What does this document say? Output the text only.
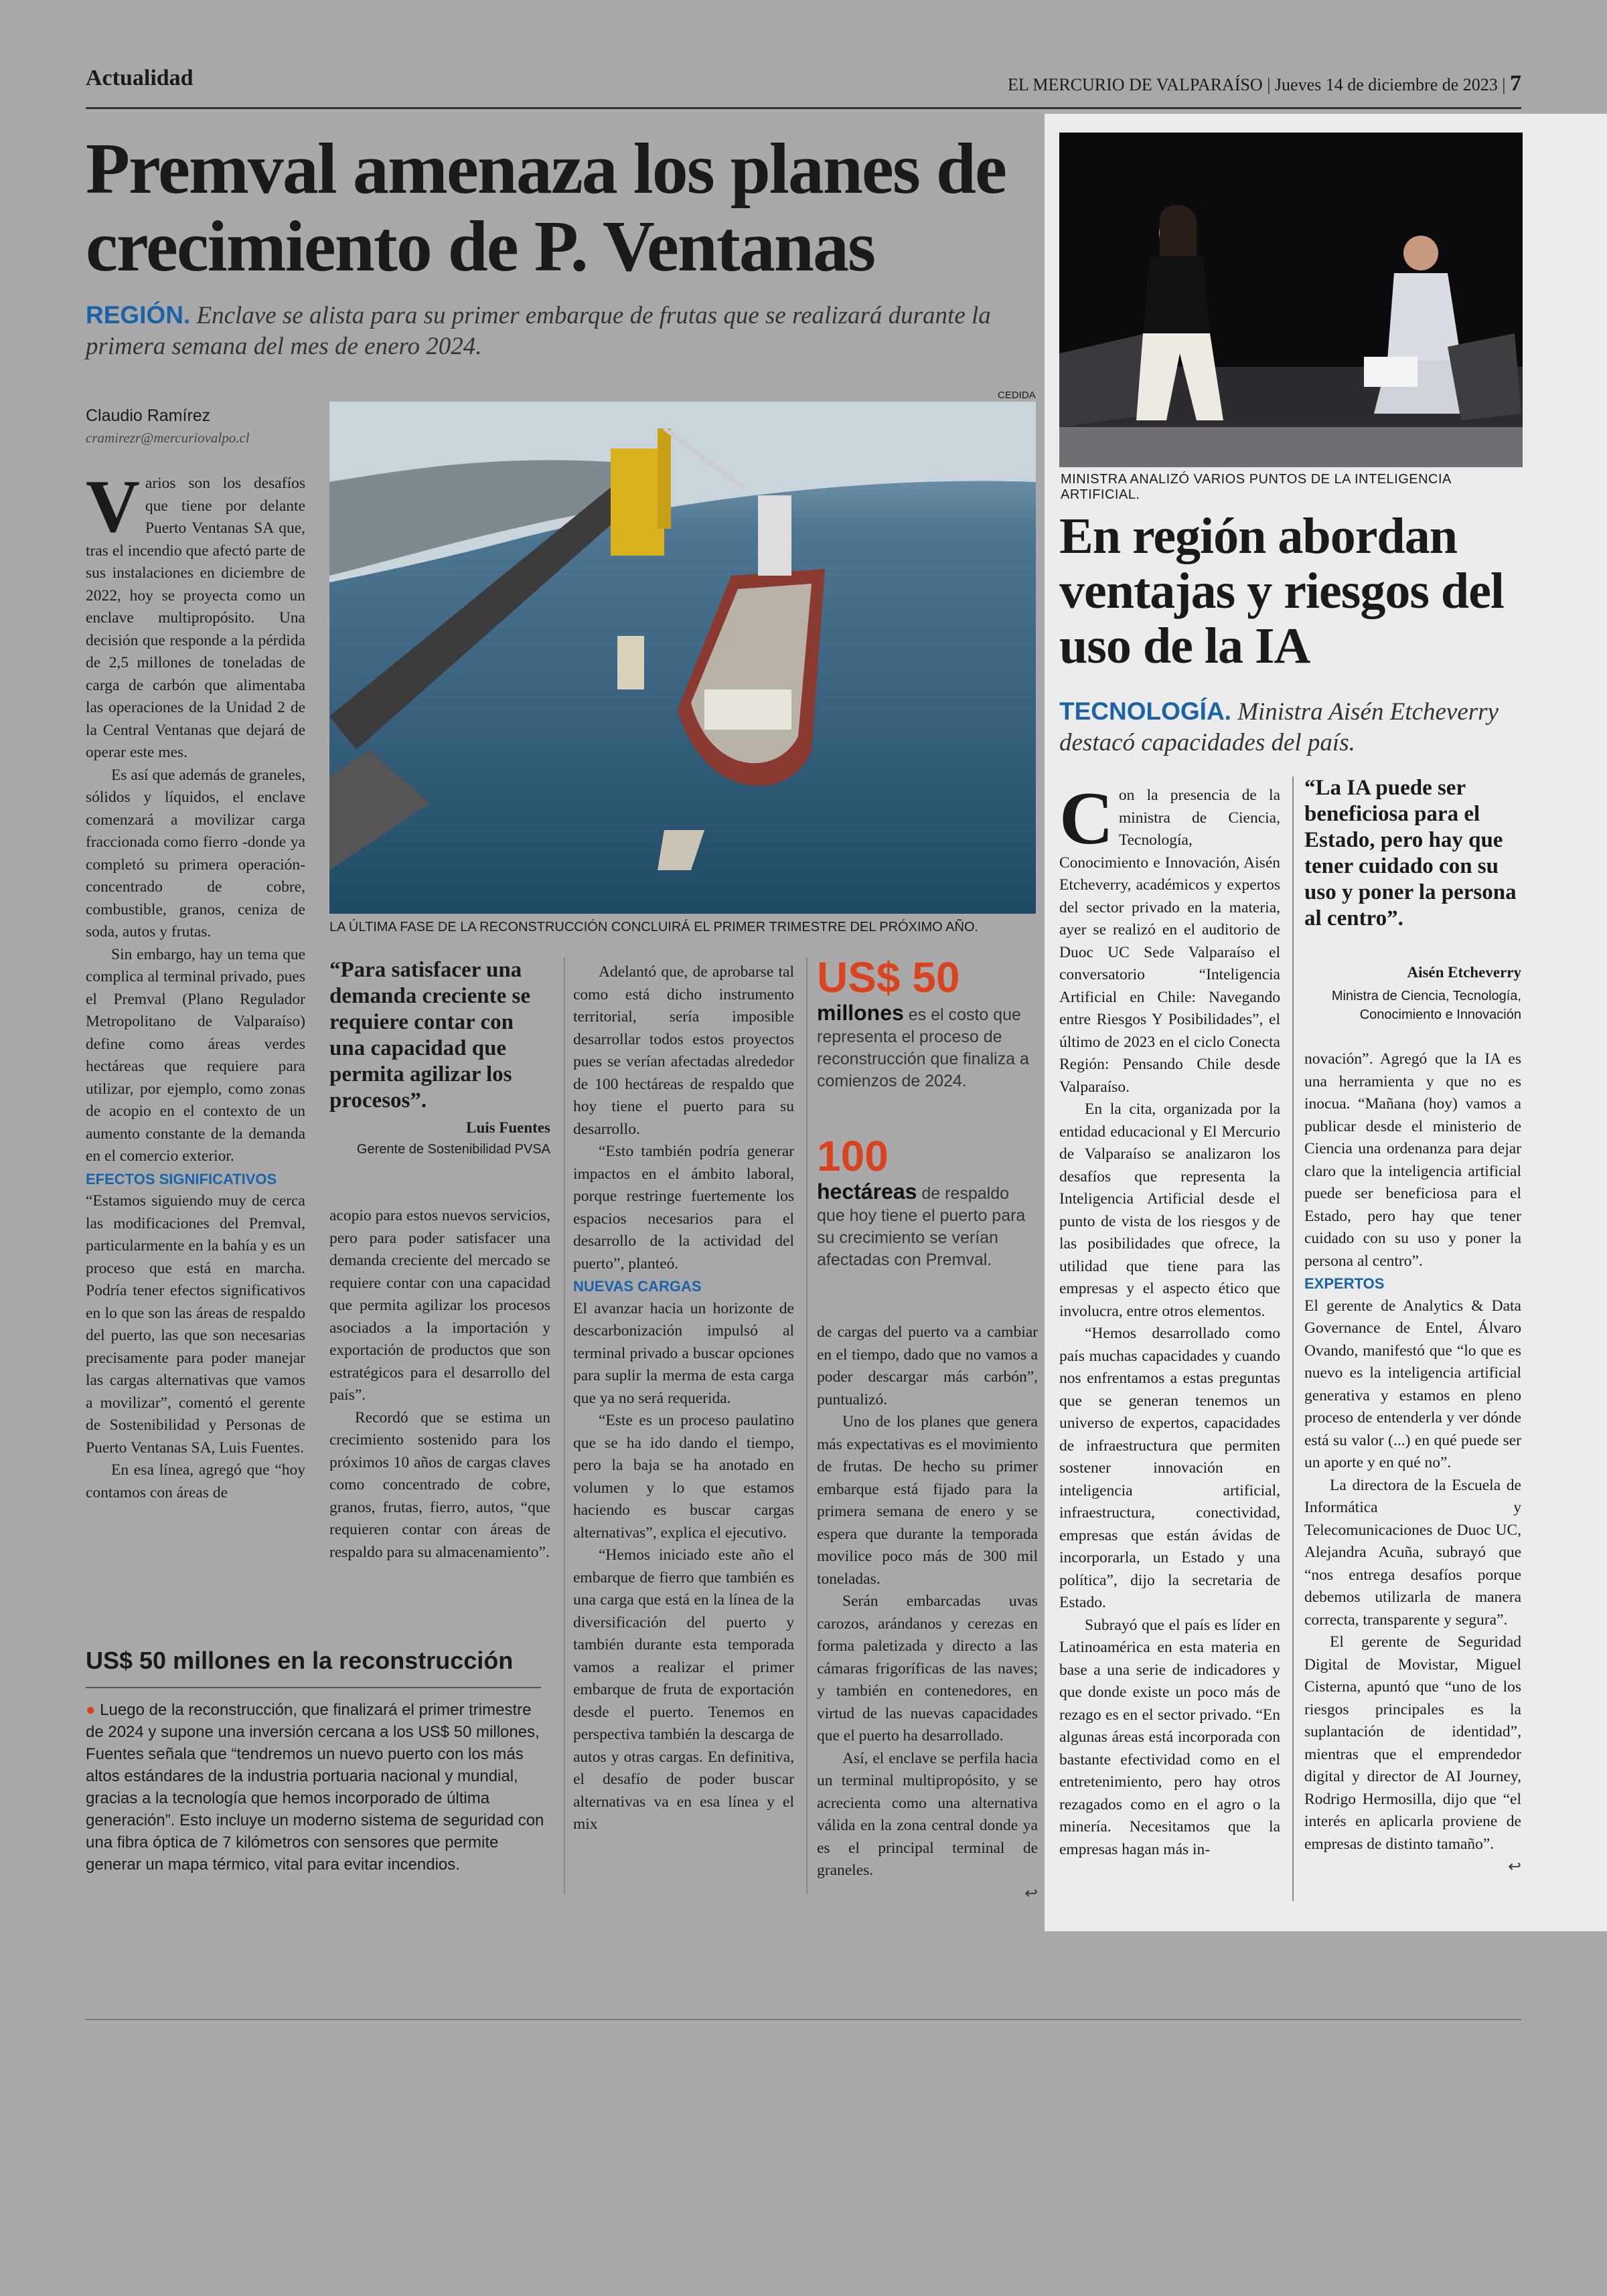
Actualidad	EL MERCURIO DE VALPARAÍSO | Jueves 14 de diciembre de 2023 | 7
Premval amenaza los planes de crecimiento de P. Ventanas
REGIÓN. Enclave se alista para su primer embarque de frutas que se realizará durante la primera semana del mes de enero 2024.
Claudio Ramírez
cramirezr@mercuriovalpo.cl
CEDIDA
LA ÚLTIMA FASE DE LA RECONSTRUCCIÓN CONCLUIRÁ EL PRIMER TRIMESTRE DEL PRÓXIMO AÑO.

Varios son los desafíos que tiene por delante Puerto Ventanas SA que, tras el incendio que afectó parte de sus instalaciones en diciembre de 2022, hoy se proyecta como un enclave multipropósito. Una decisión que responde a la pérdida de 2,5 millones de toneladas de carga de carbón que alimentaba las operaciones de la Unidad 2 de la Central Ventanas que dejará de operar este mes.

Es así que además de graneles, sólidos y líquidos, el enclave comenzará a movilizar carga fraccionada como fierro -donde ya completó su primera operación- concentrado de cobre, combustible, granos, ceniza de soda, autos y frutas.

Sin embargo, hay un tema que complica al terminal privado, pues el Premval (Plano Regulador Metropolitano de Valparaíso) define como áreas verdes hectáreas que requiere para utilizar, por ejemplo, como zonas de acopio en el contexto de un aumento constante de la demanda en el comercio exterior.

EFECTOS SIGNIFICATIVOS

“Estamos siguiendo muy de cerca las modificaciones del Premval, particularmente en la bahía y es un proceso que está en marcha. Podría tener efectos significativos en lo que son las áreas de respaldo del puerto, las que son necesarias precisamente para poder manejar las cargas alternativas que vamos a movilizar”, comentó el gerente de Sostenibilidad y Personas de Puerto Ventanas SA, Luis Fuentes.

En esa línea, agregó que “hoy contamos con áreas de

“Para satisfacer una demanda creciente se requiere contar con una capacidad que permita agilizar los procesos”.
Luis Fuentes
Gerente de Sostenibilidad PVSA

acopio para estos nuevos servicios, pero para poder satisfacer una demanda creciente del mercado se requiere contar con una capacidad que permita agilizar los procesos asociados a la importación y exportación de productos que son estratégicos para el desarrollo del país”.

Recordó que se estima un crecimiento sostenido para los próximos 10 años de cargas claves como concentrado de cobre, granos, frutas, fierro, autos, “que requieren contar con áreas de respaldo para su almacenamiento”.

Adelantó que, de aprobarse tal como está dicho instrumento territorial, sería imposible desarrollar todos estos proyectos pues se verían afectadas alrededor de 100 hectáreas de respaldo que hoy tiene el puerto para su desarrollo.

“Esto también podría generar impactos en el ámbito laboral, porque restringe fuertemente los espacios necesarios para el desarrollo de la actividad del puerto”, planteó.

NUEVAS CARGAS

El avanzar hacia un horizonte de descarbonización impulsó al terminal privado a buscar opciones para suplir la merma de esta carga que ya no será requerida.

“Este es un proceso paulatino que se ha ido dando el tiempo, pero la baja se ha anotado en volumen y lo que estamos haciendo es buscar cargas alternativas”, explica el ejecutivo.

“Hemos iniciado este año el embarque de fierro que también es una carga que está en la línea de la diversificación del puerto y también durante esta temporada vamos a realizar el primer embarque de fruta de exportación desde el puerto. Tenemos en perspectiva también la descarga de autos y otras cargas. En definitiva, el desafío de poder buscar alternativas va en esa línea y el mix

US$ 50
millones es el costo que representa el proceso de reconstrucción que finaliza a comienzos de 2024.
100
hectáreas de respaldo que hoy tiene el puerto para su crecimiento se verían afectadas con Premval.

de cargas del puerto va a cambiar en el tiempo, dado que no vamos a poder descargar más carbón”, puntualizó.

Uno de los planes que genera más expectativas es el movimiento de frutas. De hecho su primer embarque está fijado para la primera semana de enero y se espera que durante la temporada movilice poco más de 300 mil toneladas.

Serán embarcadas uvas carozos, arándanos y cerezas en forma paletizada y directo a las cámaras frigoríficas de las naves; y también en contenedores, en virtud de las nuevas capacidades que el puerto ha desarrollado.

Así, el enclave se perfila hacia un terminal multipropósito, y se acrecienta como una alternativa válida en la zona central donde ya es el principal terminal de graneles.

↩

US$ 50 millones en la reconstrucción
● Luego de la reconstrucción, que finalizará el primer trimestre de 2024 y supone una inversión cercana a los US$ 50 millones, Fuentes señala que “tendremos un nuevo puerto con los más altos estándares de la industria portuaria nacional y mundial, gracias a la tecnología que hemos incorporado de última generación”. Esto incluye un moderno sistema de seguridad con una fibra óptica de 7 kilómetros con sensores que permite generar un mapa térmico, vital para evitar incendios.
MINISTRA ANALIZÓ VARIOS PUNTOS DE LA INTELIGENCIA ARTIFICIAL.
En región abordan ventajas y riesgos del uso de la IA
TECNOLOGÍA. Ministra Aisén Etcheverry destacó capacidades del país.

Con la presencia de la ministra de Ciencia, Tecnología, Conocimiento e Innovación, Aisén Etcheverry, académicos y expertos del sector privado en la materia, ayer se realizó en el auditorio de Duoc UC Sede Valparaíso el conversatorio “Inteligencia Artificial en Chile: Navegando entre Riesgos Y Posibilidades”, el último de 2023 en el ciclo Conecta Región: Pensando Chile desde Valparaíso.

En la cita, organizada por la entidad educacional y El Mercurio de Valparaíso se analizaron los desafíos que representa la Inteligencia Artificial desde el punto de vista de los riesgos y de las posibilidades que ofrece, la utilidad que tiene para las empresas y el aspecto ético que involucra, entre otros elementos.

“Hemos desarrollado como país muchas capacidades y cuando nos enfrentamos a estas preguntas que se generan tenemos un universo de expertos, capacidades de infraestructura que permiten sostener innovación en inteligencia artificial, infraestructura, conectividad, empresas que están ávidas de incorporarla, un Estado y una política”, dijo la secretaria de Estado.

Subrayó que el país es líder en Latinoamérica en esta materia en base a una serie de indicadores y que donde existe un poco más de rezago es en el sector privado. “En algunas áreas está incorporada con bastante efectividad como en el entretenimiento, pero hay otros rezagados como en el agro o la minería. Necesitamos que la empresas hagan más in-

“La IA puede ser beneficiosa para el Estado, pero hay que tener cuidado con su uso y poner la persona al centro”.
Aisén Etcheverry
Ministra de Ciencia, Tecnología, Conocimiento e Innovación

novación”. Agregó que la IA es una herramienta y que no es inocua. “Mañana (hoy) vamos a publicar desde el ministerio de Ciencia una ordenanza para dejar claro que la inteligencia artificial puede ser beneficiosa para el Estado, pero hay que tener cuidado con su uso y poner la persona al centro”.

EXPERTOS

El gerente de Analytics & Data Governance de Entel, Álvaro Ovando, manifestó que “lo que es nuevo es la inteligencia artificial generativa y estamos en pleno proceso de entenderla y ver dónde está su valor (...) en qué puede ser un aporte y en qué no”.

La directora de la Escuela de Informática y Telecomunicaciones de Duoc UC, Alejandra Acuña, subrayó que “nos entrega desafíos porque debemos utilizarla de manera correcta, transparente y segura”.

El gerente de Seguridad Digital de Movistar, Miguel Cisterna, apuntó que “uno de los riesgos principales es la suplantación de identidad”, mientras que el emprendedor digital y director de AI Journey, Rodrigo Hermosilla, dijo que “el interés en aplicarla proviene de empresas de distinto tamaño”.

↩
